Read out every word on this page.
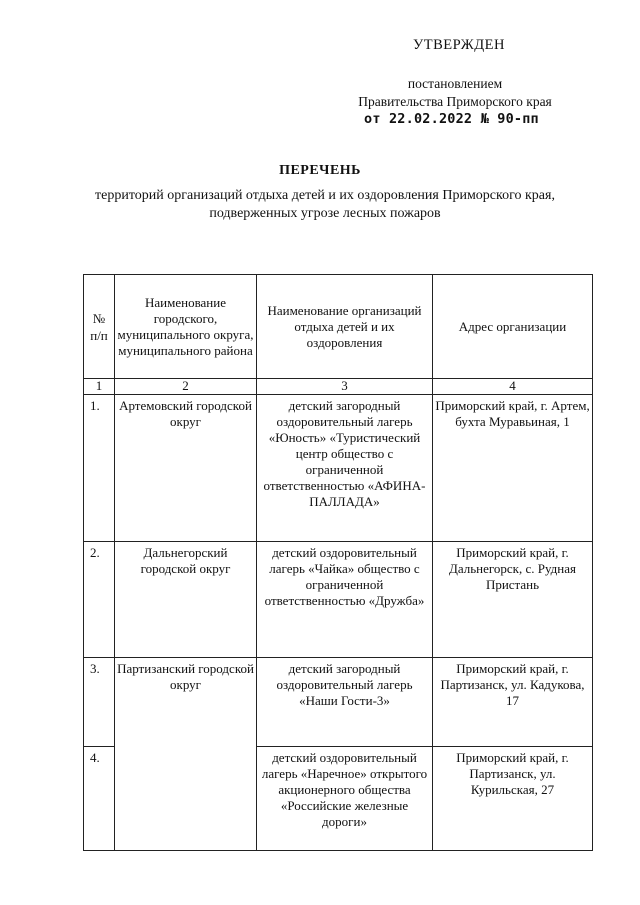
УТВЕРЖДЕН
постановлением
Правительства Приморского края
от 22.02.2022 № 90-пп
ПЕРЕЧЕНЬ
территорий организаций отдыха детей и их оздоровления Приморского края,
подверженных угрозе лесных пожаров
№
п/п	Наименование городского, муниципального округа, муниципального района	Наименование организаций отдыха детей и их оздоровления	Адрес организации
1	2	3	4

1.	Артемовский городской округ	детский загородный оздоровительный лагерь «Юность» «Туристический центр общество с ограниченной ответственностью «АФИНА-ПАЛЛАДА»	Приморский край, г. Артем, бухта Муравьиная, 1

2.	Дальнегорский городской округ	детский оздоровительный лагерь «Чайка» общество с ограниченной ответственностью «Дружба»	Приморский край, г. Дальнегорск, с. Рудная Пристань

3.	Партизанский городской округ	детский загородный оздоровительный лагерь «Наши Гости-3»	Приморский край, г. Партизанск, ул. Кадукова, 17

4.		детский оздоровительный лагерь «Наречное» открытого акционерного общества «Российские железные дороги»	Приморский край, г. Партизанск, ул. Курильская, 27
